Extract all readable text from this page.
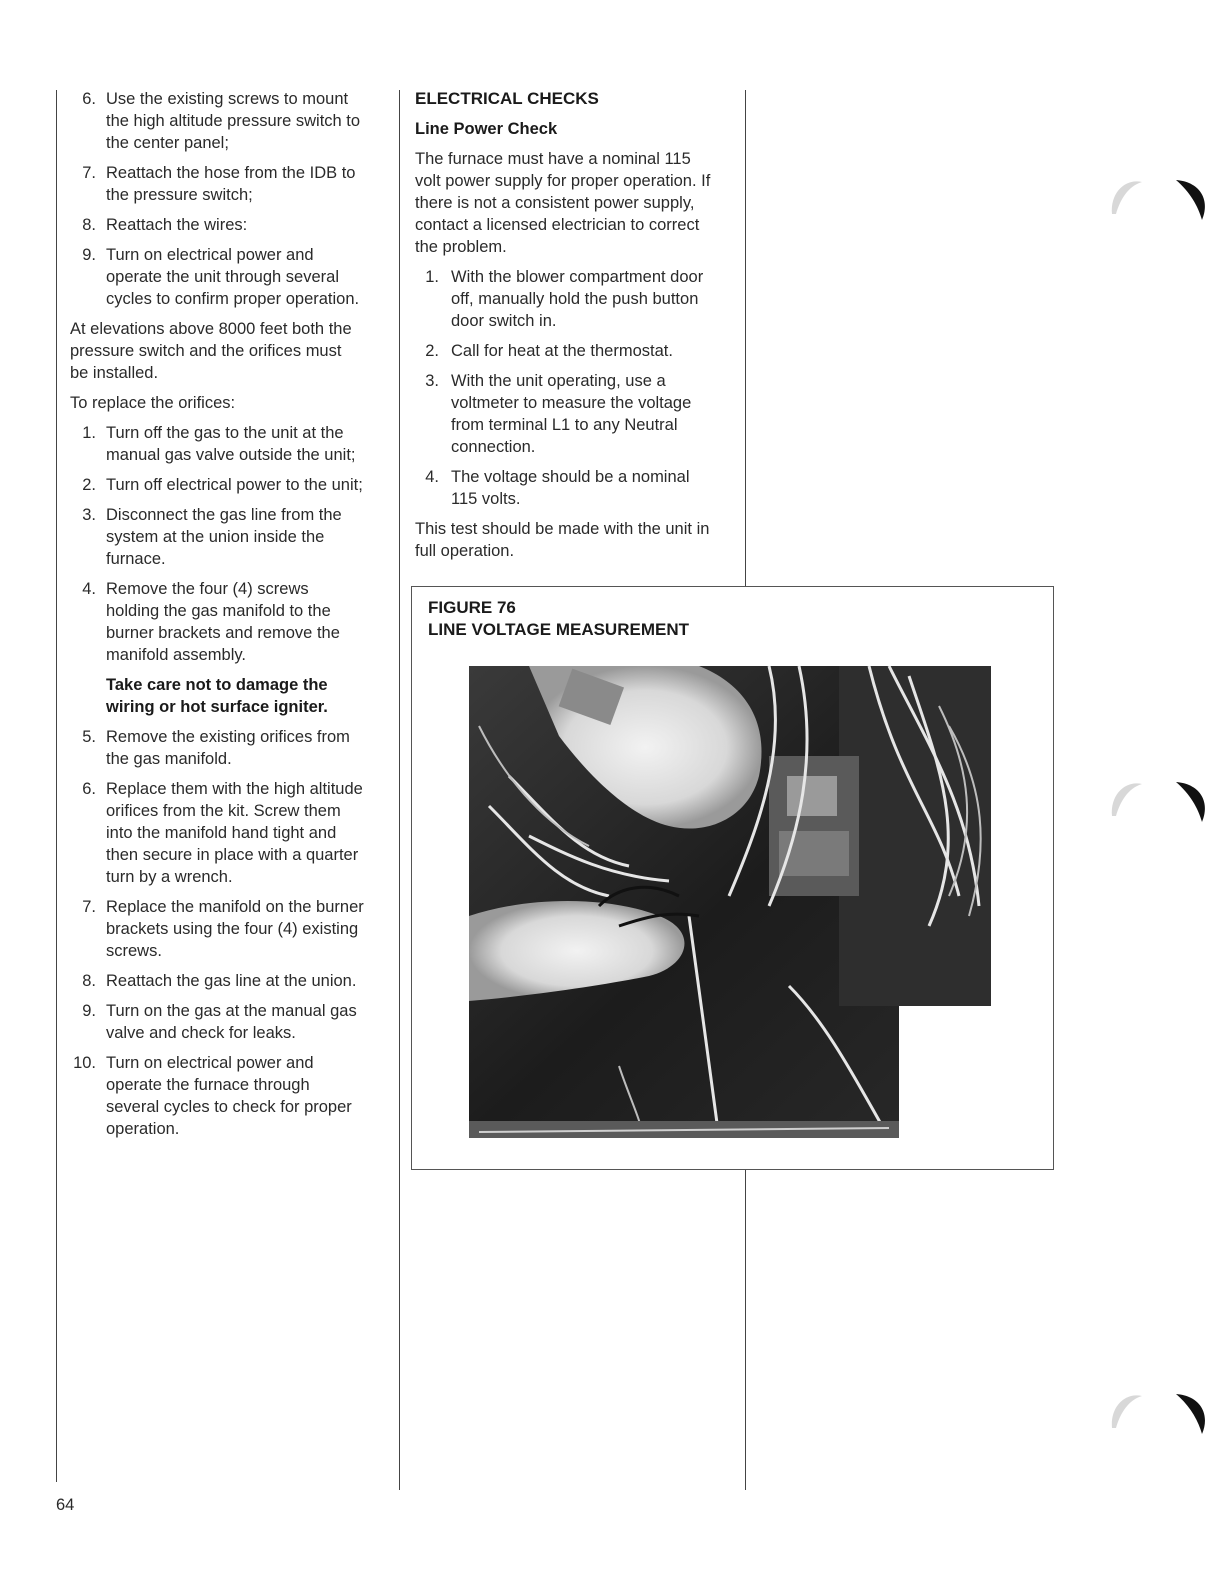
6. Use the existing screws to mount the high altitude pressure switch to the center panel;
7. Reattach the hose from the IDB to the pressure switch;
8. Reattach the wires:
9. Turn on electrical power and operate the unit through several cycles to confirm proper operation.

At elevations above 8000 feet both the pressure switch and the orifices must be installed.

To replace the orifices:

1. Turn off the gas to the unit at the manual gas valve outside the unit;
2. Turn off electrical power to the unit;
3. Disconnect the gas line from the system at the union inside the furnace.
4. Remove the four (4) screws holding the gas manifold to the burner brackets and remove the manifold assembly.
Take care not to damage the wiring or hot surface igniter.
5. Remove the existing orifices from the gas manifold.
6. Replace them with the high altitude orifices from the kit. Screw them into the manifold hand tight and then secure in place with a quarter turn by a wrench.
7. Replace the manifold on the burner brackets using the four (4) existing screws.
8. Reattach the gas line at the union.
9. Turn on the gas at the manual gas valve and check for leaks.
10. Turn on electrical power and operate the furnace through several cycles to check for proper operation.
ELECTRICAL CHECKS
Line Power Check

The furnace must have a nominal 115 volt power supply for proper operation. If there is not a consistent power supply, contact a licensed electrician to correct the problem.

1. With the blower compartment door off, manually hold the push button door switch in.
2. Call for heat at the thermostat.
3. With the unit operating, use a voltmeter to measure the voltage from terminal L1 to any Neutral connection.
4. The voltage should be a nominal 115 volts.

This test should be made with the unit in full operation.

FIGURE 76
LINE VOLTAGE MEASUREMENT
64
